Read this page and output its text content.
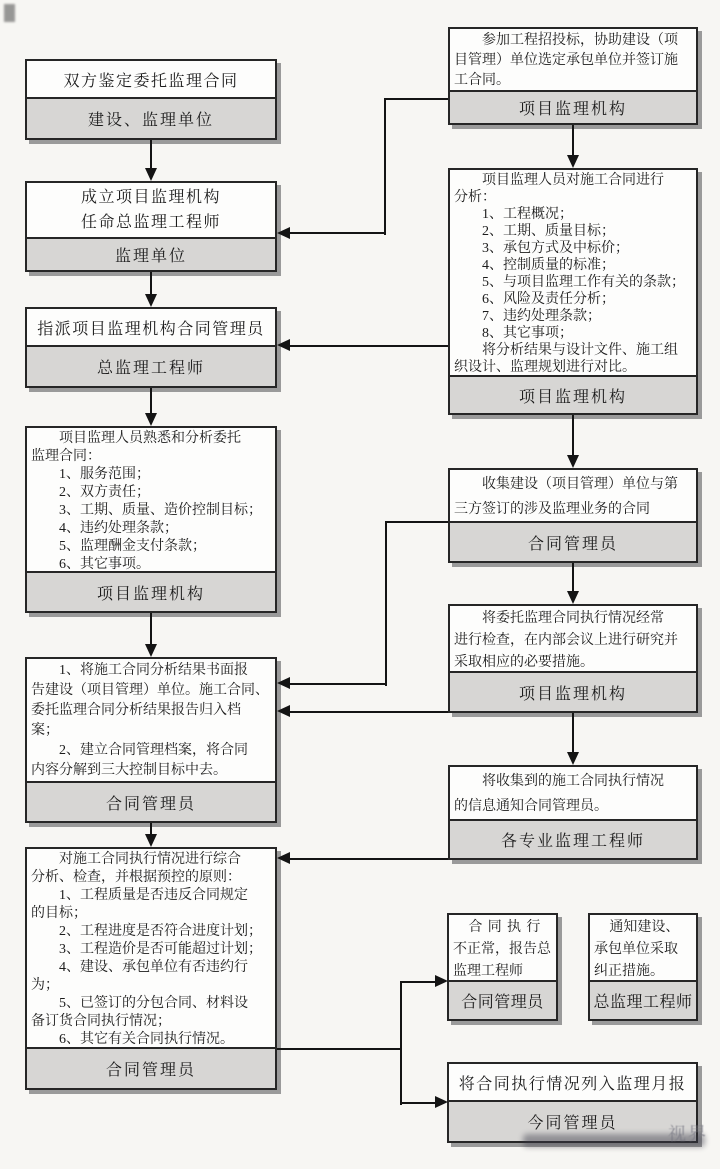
双方鉴定委托监理合同
建设、监理单位
成立项目监理机构
任命总监理工程师
监理单位
指派项目监理机构合同管理员
总监理工程师
项目监理人员熟悉和分析委托
监理合同：
1、服务范围；
2、双方责任；
3、工期、质量、造价控制目标；
4、违约处理条款；
5、监理酬金支付条款；
6、其它事项。
项目监理机构
1、将施工合同分析结果书面报
告建设（项目管理）单位。施工合同、
委托监理合同分析结果报告归入档
案；
2、建立合同管理档案，将合同
内容分解到三大控制目标中去。
合同管理员
对施工合同执行情况进行综合
分析、检查，并根据预控的原则：
1、工程质量是否违反合同规定
的目标；
2、工程进度是否符合进度计划；
3、工程造价是否可能超过计划；
4、建设、承包单位有否违约行
为；
5、已签订的分包合同、材料设
备订货合同执行情况；
6、其它有关合同执行情况。
合同管理员
参加工程招投标，协助建设（项
目管理）单位选定承包单位并签订施
工合同。
项目监理机构
项目监理人员对施工合同进行
分析：
1、工程概况；
2、工期、质量目标；
3、承包方式及中标价；
4、控制质量的标准；
5、与项目监理工作有关的条款；
6、风险及责任分析；
7、违约处理条款；
8、其它事项；
将分析结果与设计文件、施工组
织设计、监理规划进行对比。
项目监理机构
收集建设（项目管理）单位与第
三方签订的涉及监理业务的合同
合同管理员
将委托监理合同执行情况经常
进行检查，在内部会议上进行研究并
采取相应的必要措施。
项目监理机构
将收集到的施工合同执行情况
的信息通知合同管理员。
各专业监理工程师
合同执行
不正常，报告总
监理工程师
合同管理员
通知建设、
承包单位采取
纠正措施。
总监理工程师
将合同执行情况列入监理月报
今同管理员
视界
